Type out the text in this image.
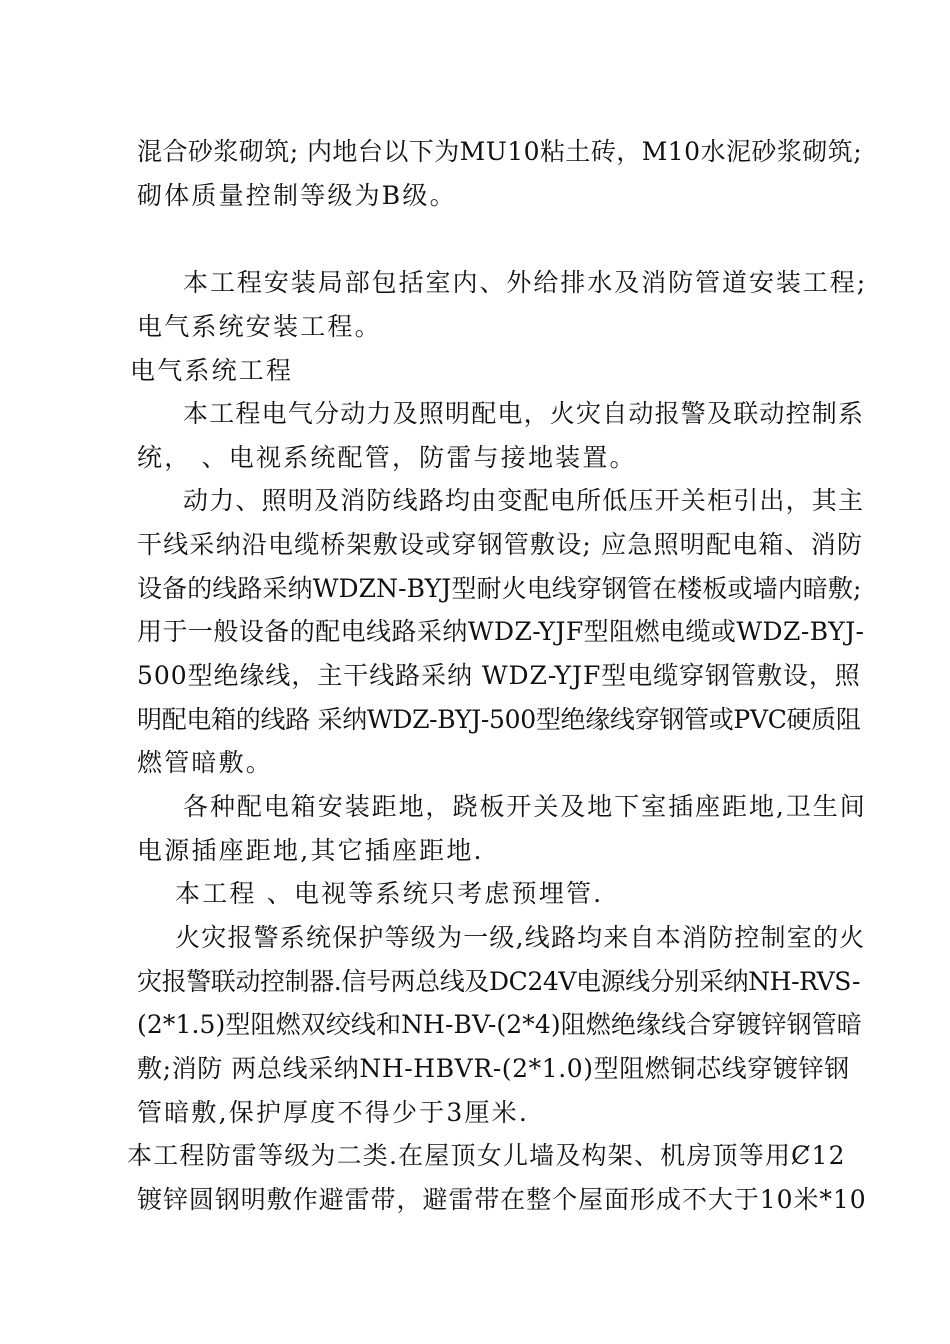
混合砂浆砌筑; 内地台以下为MU10粘土砖，M10水泥砂浆砌筑;
砌体质量控制等级为B级。
本工程安装局部包括室内、外给排水及消防管道安装工程;
电气系统安装工程。
电气系统工程
本工程电气分动力及照明配电，火灾自动报警及联动控制系
统， 、电视系统配管，防雷与接地装置。
动力、照明及消防线路均由变配电所低压开关柜引出，其主
干线采纳沿电缆桥架敷设或穿钢管敷设; 应急照明配电箱、消防
设备的线路采纳WDZN-BYJ型耐火电线穿钢管在楼板或墙内暗敷;
用于一般设备的配电线路采纳WDZ-YJF型阻燃电缆或WDZ-BYJ-
500型绝缘线，主干线路采纳 WDZ-YJF型电缆穿钢管敷设，照
明配电箱的线路 采纳WDZ-BYJ-500型绝缘线穿钢管或PVC硬质阻
燃管暗敷。
各种配电箱安装距地，跷板开关及地下室插座距地,卫生间
电源插座距地,其它插座距地.
本工程 、电视等系统只考虑预埋管.
火灾报警系统保护等级为一级,线路均来自本消防控制室的火
灾报警联动控制器.信号两总线及DC24V电源线分别采纳NH-RVS-
(2*1.5)型阻燃双绞线和NH-BV-(2*4)阻燃绝缘线合穿镀锌钢管暗
敷;消防 两总线采纳NH-HBVR-(2*1.0)型阻燃铜芯线穿镀锌钢
管暗敷,保护厚度不得少于3厘米.
本工程防雷等级为二类.在屋顶女儿墙及构架、机房顶等用Ȼ12
镀锌圆钢明敷作避雷带，避雷带在整个屋面形成不大于10米*10
